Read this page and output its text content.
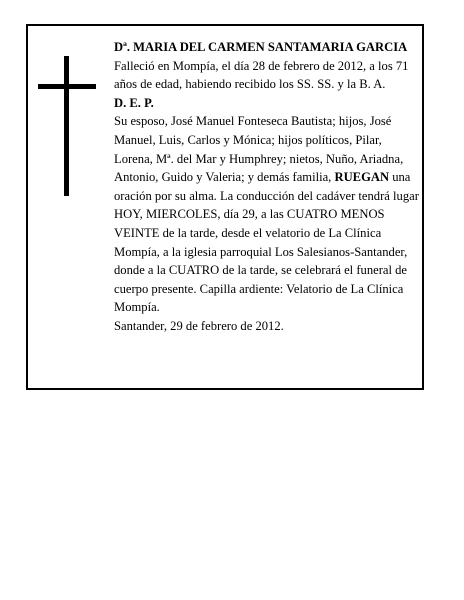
Dª. MARIA DEL CARMEN SANTAMARIA GARCIA

Falleció en Mompía, el día 28 de febrero de 2012, a los 71 años de edad, habiendo recibido los SS. SS. y la B. A.

D. E. P.

Su esposo, José Manuel Fonteseca Bautista; hijos, José Manuel, Luis, Carlos y Mónica; hijos políticos, Pilar, Lorena, Mª. del Mar y Humphrey; nietos, Nuño, Ariadna, Antonio, Guido y Valeria; y demás familia, RUEGAN una oración por su alma. La conducción del cadáver tendrá lugar HOY, MIERCOLES, día 29, a las CUATRO MENOS VEINTE de la tarde, desde el velatorio de La Clínica Mompía, a la iglesia parroquial Los Salesianos-Santander, donde a la CUATRO de la tarde, se celebrará el funeral de cuerpo presente. Capilla ardiente: Velatorio de La Clínica Mompía.

Santander, 29 de febrero de 2012.
